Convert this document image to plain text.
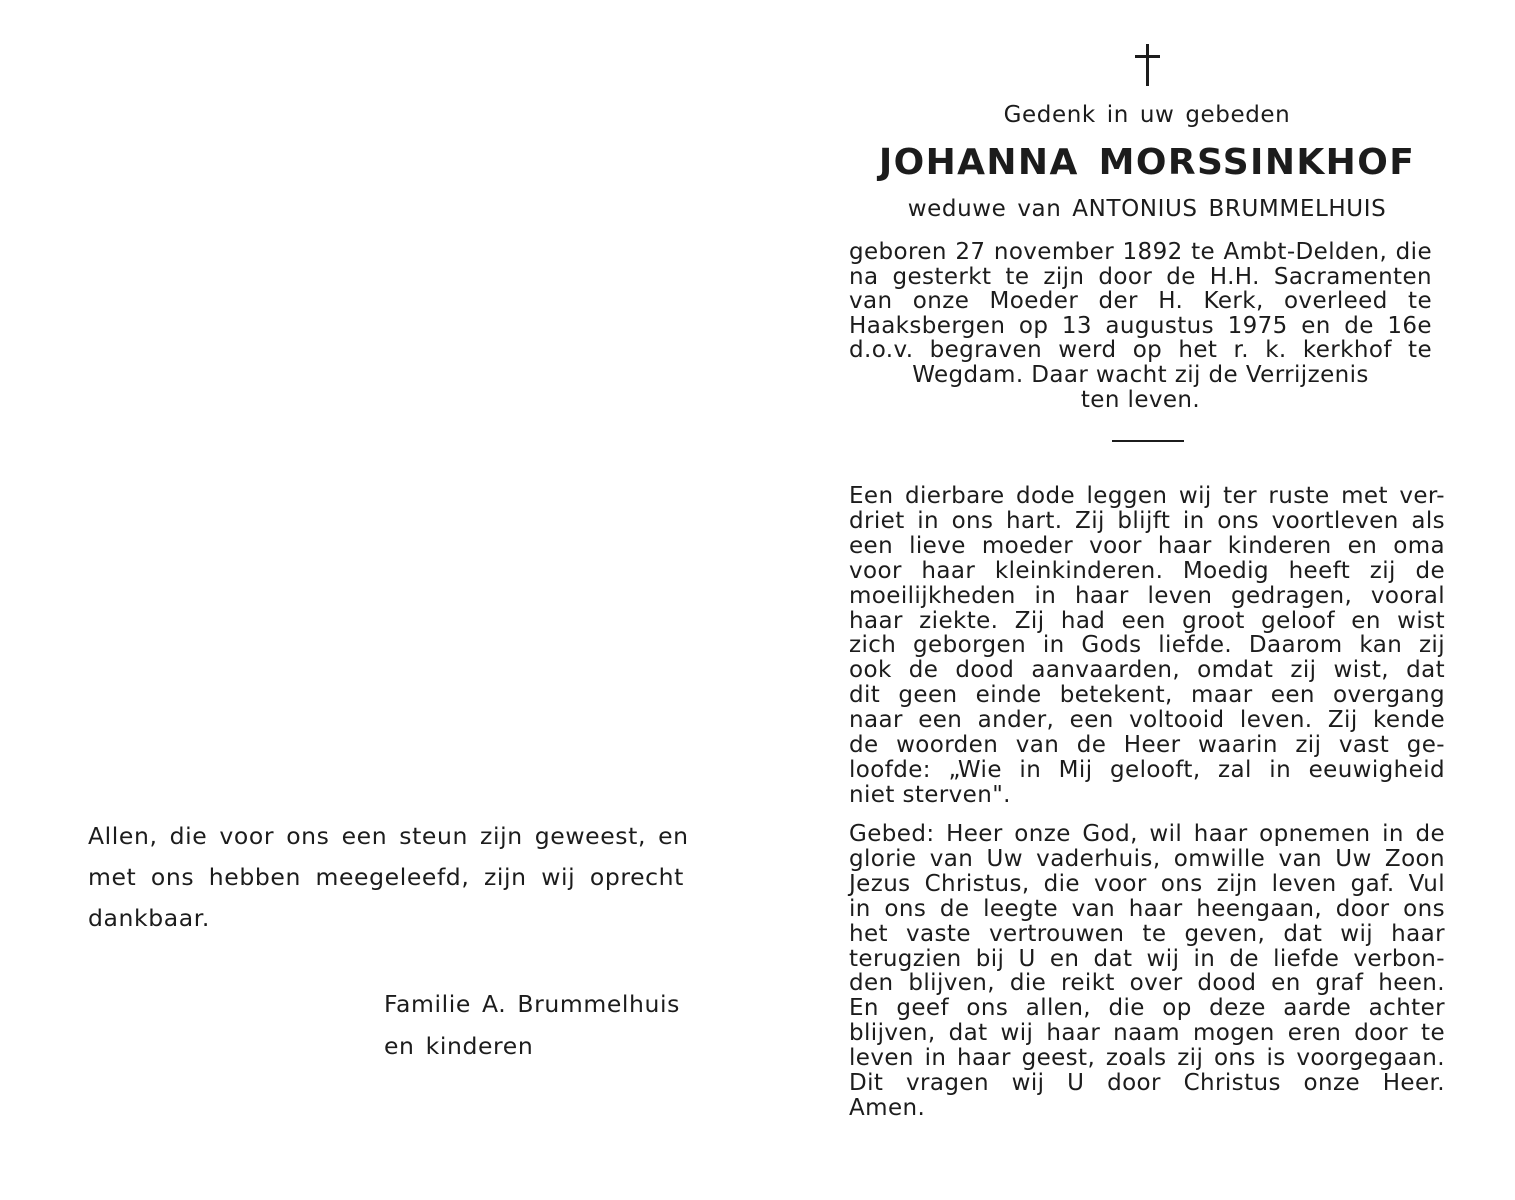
Allen, die voor ons een steun zijn geweest, en
met ons hebben meegeleefd, zijn wij oprecht
dankbaar.
Familie A. Brummelhuis
en kinderen
Gedenk in uw gebeden
JOHANNA MORSSINKHOF
weduwe van ANTONIUS BRUMMELHUIS
geboren 27 november 1892 te Ambt-Delden, die
na gesterkt te zijn door de H.H. Sacramenten
van onze Moeder der H. Kerk, overleed te
Haaksbergen op 13 augustus 1975 en de 16e
d.o.v. begraven werd op het r. k. kerkhof te
Wegdam. Daar wacht zij de Verrijzenis
ten leven.
Een dierbare dode leggen wij ter ruste met ver-
driet in ons hart. Zij blijft in ons voortleven als
een lieve moeder voor haar kinderen en oma
voor haar kleinkinderen. Moedig heeft zij de
moeilijkheden in haar leven gedragen, vooral
haar ziekte. Zij had een groot geloof en wist
zich geborgen in Gods liefde. Daarom kan zij
ook de dood aanvaarden, omdat zij wist, dat
dit geen einde betekent, maar een overgang
naar een ander, een voltooid leven. Zij kende
de woorden van de Heer waarin zij vast ge-
loofde: „Wie in Mij gelooft, zal in eeuwigheid
niet sterven".
Gebed: Heer onze God, wil haar opnemen in de
glorie van Uw vaderhuis, omwille van Uw Zoon
Jezus Christus, die voor ons zijn leven gaf. Vul
in ons de leegte van haar heengaan, door ons
het vaste vertrouwen te geven, dat wij haar
terugzien bij U en dat wij in de liefde verbon-
den blijven, die reikt over dood en graf heen.
En geef ons allen, die op deze aarde achter
blijven, dat wij haar naam mogen eren door te
leven in haar geest, zoals zij ons is voorgegaan.
Dit vragen wij U door Christus onze Heer.
Amen.
